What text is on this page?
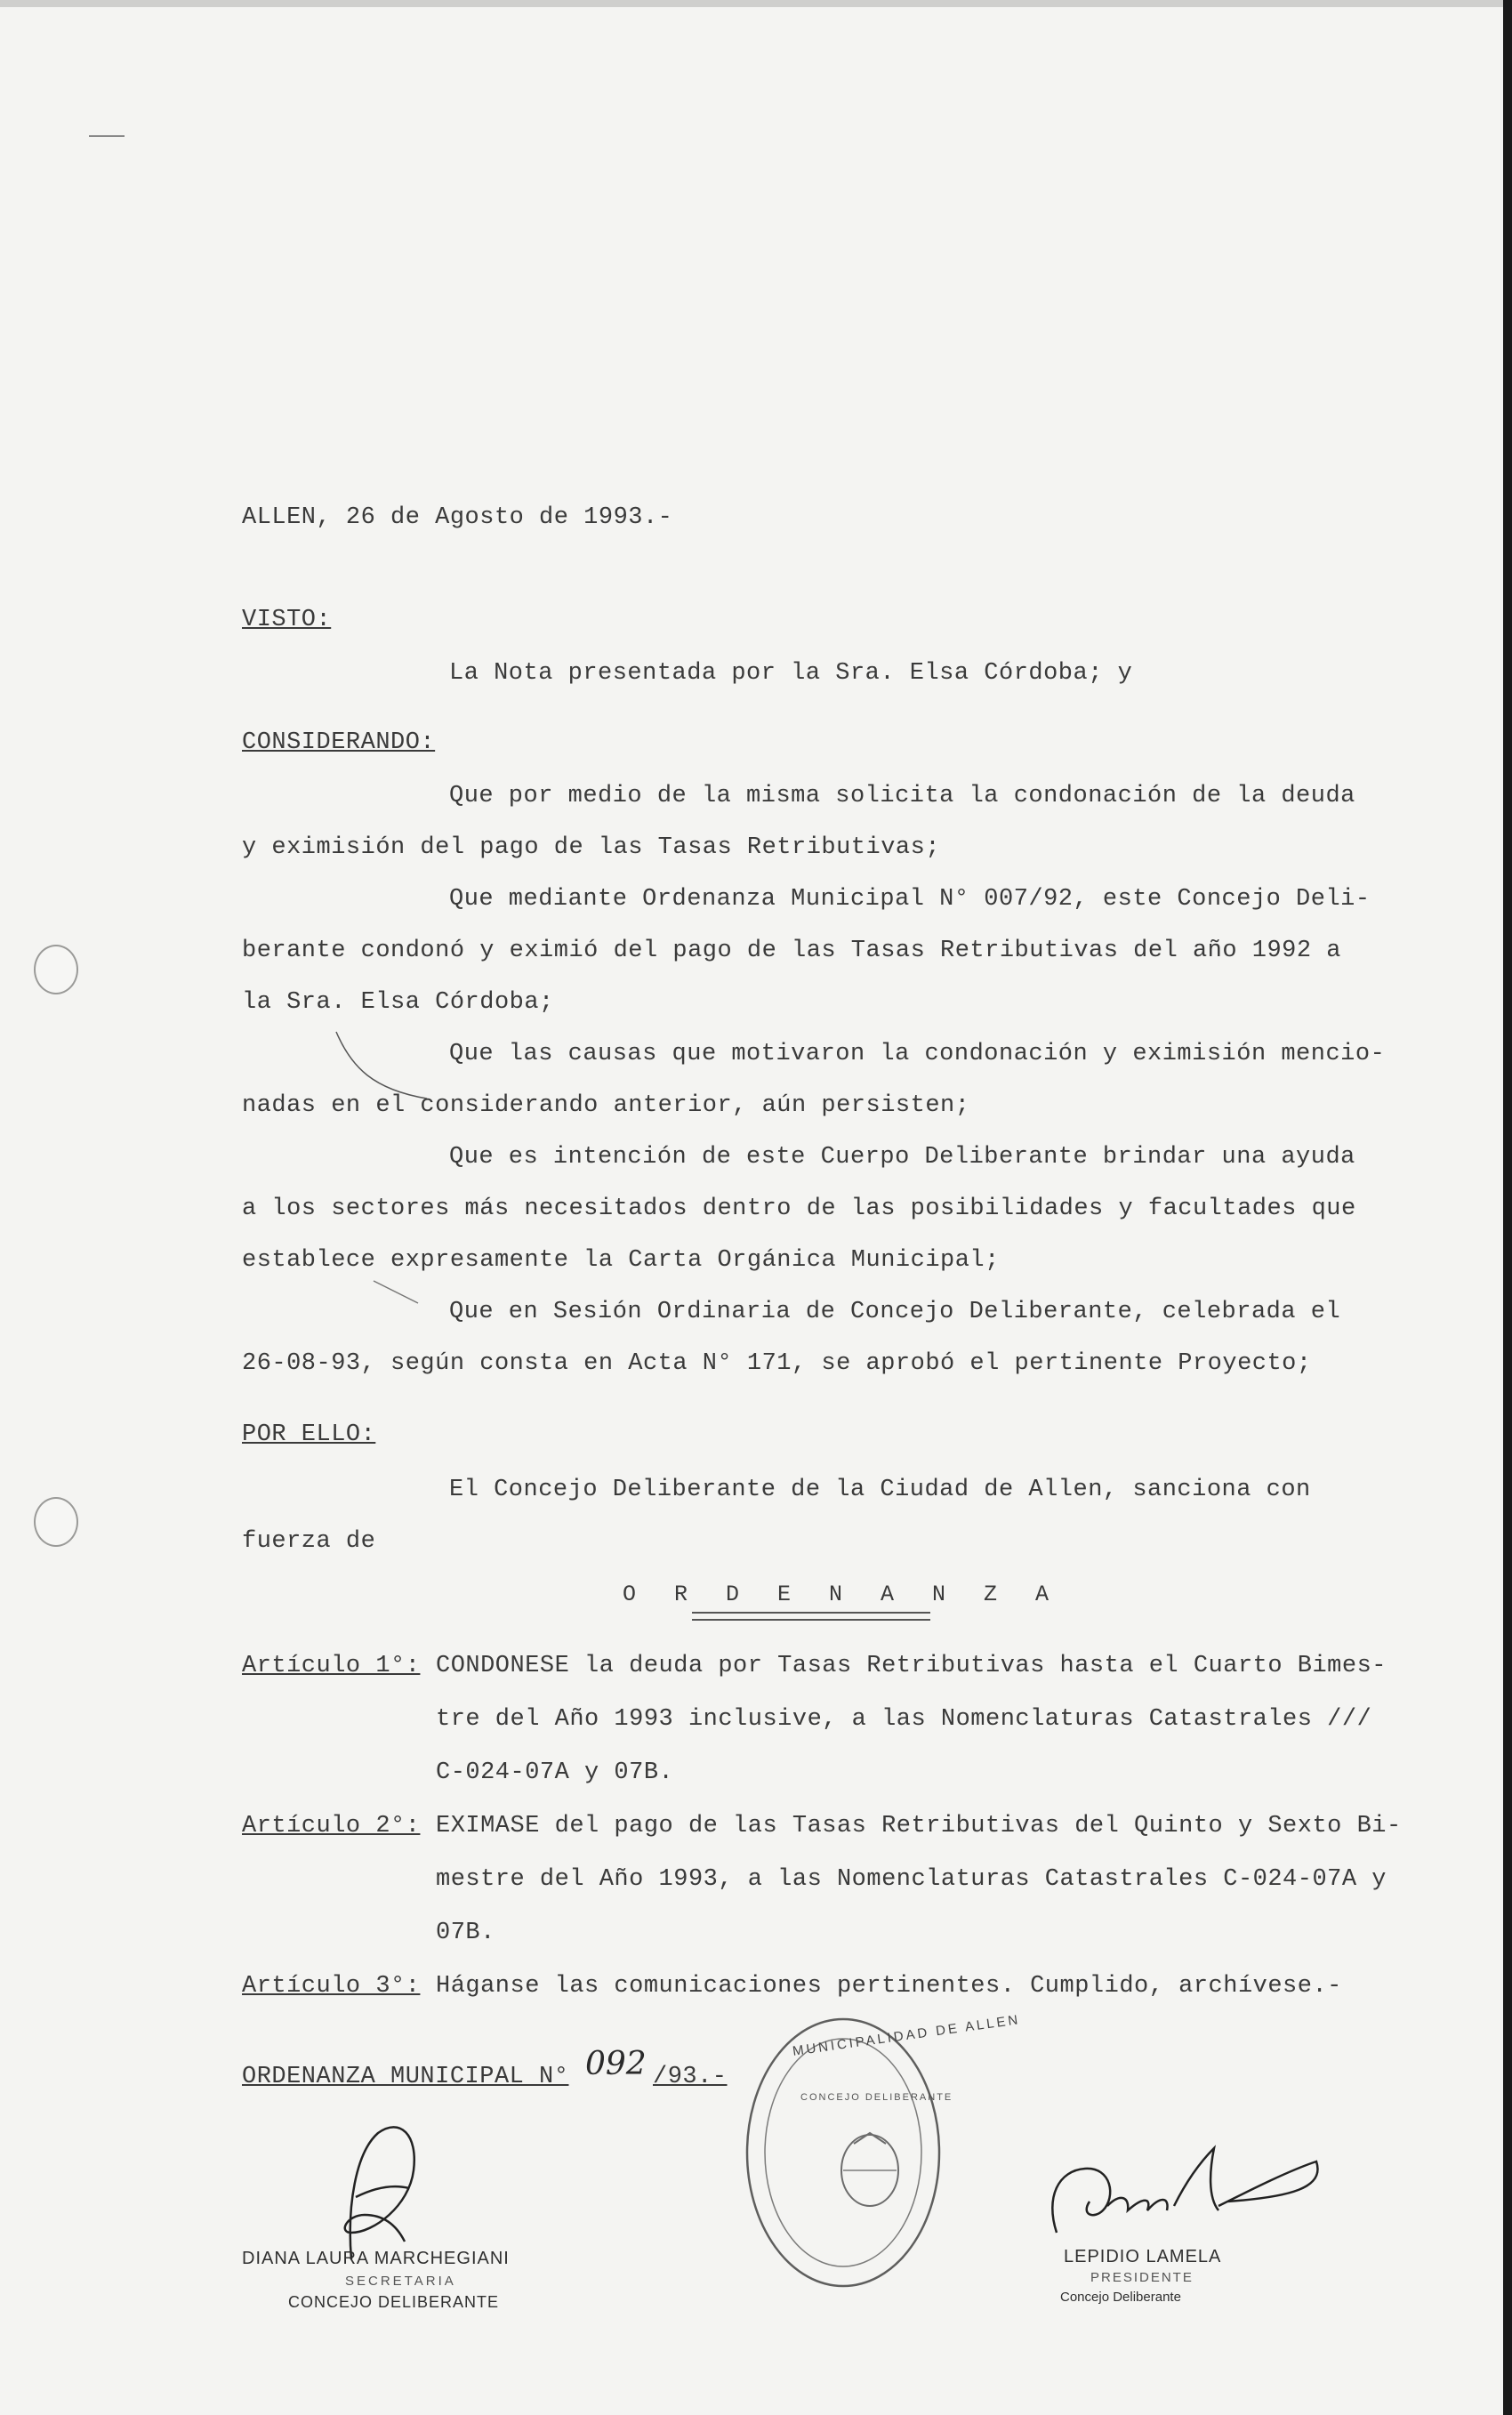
ALLEN, 26 de Agosto de 1993.-
VISTO:
La Nota presentada por la Sra. Elsa Córdoba; y
CONSIDERANDO:
Que por medio de la misma solicita la condonación de la deuda
y eximisión del pago de las Tasas Retributivas;
Que mediante Ordenanza Municipal N° 007/92, este Concejo Deli-
berante condonó y eximió del pago de las Tasas Retributivas del año 1992 a
la Sra. Elsa Córdoba;
Que las causas que motivaron la condonación y eximisión mencio-
nadas en el considerando anterior, aún persisten;
Que es intención de este Cuerpo Deliberante brindar una ayuda
a los sectores más necesitados dentro de las posibilidades y facultades que
establece expresamente la Carta Orgánica Municipal;
Que en Sesión Ordinaria de Concejo Deliberante, celebrada el
26-08-93, según consta en Acta N° 171, se aprobó el pertinente Proyecto;
POR ELLO:
El Concejo Deliberante de la Ciudad de Allen, sanciona con
fuerza de
O R D E N A N Z A
Artículo 1°: CONDONESE la deuda por Tasas Retributivas hasta el Cuarto Bimes-
tre del Año 1993 inclusive, a las Nomenclaturas Catastrales ///
C-024-07A y 07B.
Artículo 2°: EXIMASE del pago de las Tasas Retributivas del Quinto y Sexto Bi-
mestre del Año 1993, a las Nomenclaturas Catastrales C-024-07A y
07B.
Artículo 3°: Háganse las comunicaciones pertinentes. Cumplido, archívese.-
ORDENANZA MUNICIPAL N° 092 /93.-
MUNICIPALIDAD DE ALLEN
CONCEJO DELIBERANTE
DIANA LAURA MARCHEGIANI
SECRETARIA
CONCEJO DELIBERANTE
LEPIDIO LAMELA
PRESIDENTE
Concejo Deliberante
